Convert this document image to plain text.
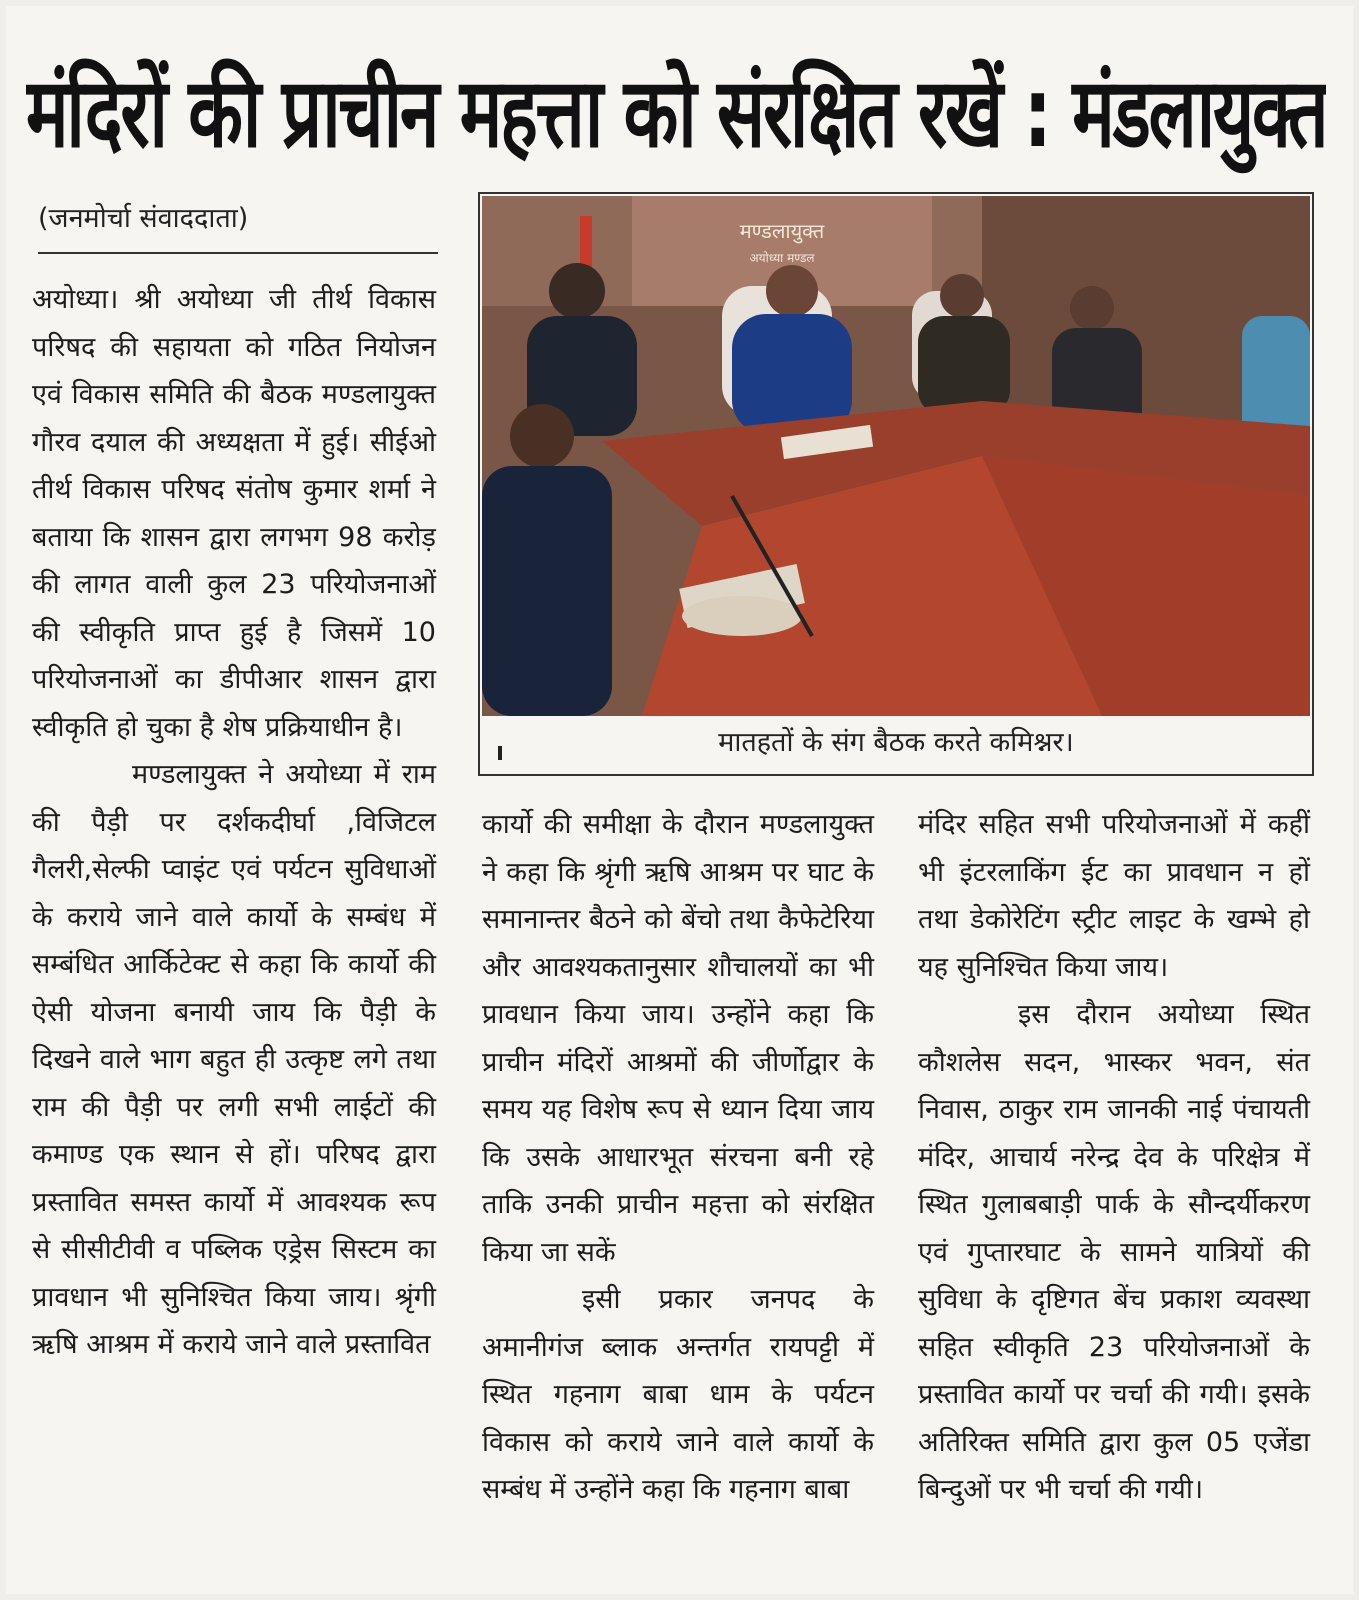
मंदिरों की प्राचीन महत्ता को संरक्षित रखें : मंडलायुक्त
(जनमोर्चा संवाददाता)

अयोध्या। श्री अयोध्या जी तीर्थ विकास परिषद की सहायता को गठित नियोजन एवं विकास समिति की बैठक मण्डलायुक्त गौरव दयाल की अध्यक्षता में हुई। सीईओ तीर्थ विकास परिषद संतोष कुमार शर्मा ने बताया कि शासन द्वारा लगभग 98 करोड़ की लागत वाली कुल 23 परियोजनाओं की स्वीकृति प्राप्त हुई है जिसमें 10 परियोजनाओं का डीपीआर शासन द्वारा स्वीकृति हो चुका है शेष प्रक्रियाधीन है।

मण्डलायुक्त ने अयोध्या में राम की पैड़ी पर दर्शकदीर्घा ,विजिटल गैलरी,सेल्फी प्वाइंट एवं पर्यटन सुविधाओं के कराये जाने वाले कार्यो के सम्बंध में सम्बंधित आर्किटेक्ट से कहा कि कार्यो की ऐसी योजना बनायी जाय कि पैड़ी के दिखने वाले भाग बहुत ही उत्कृष्ट लगे तथा राम की पैड़ी पर लगी सभी लाईटों की कमाण्ड एक स्थान से हों। परिषद द्वारा प्रस्तावित समस्त कार्यो में आवश्यक रूप से सीसीटीवी व पब्लिक एड्रेस सिस्टम का प्रावधान भी सुनिश्चित किया जाय। श्रृंगी ऋषि आश्रम में कराये जाने वाले प्रस्तावित

मण्डलायुक्त
अयोध्या मण्डल
मातहतों के संग बैठक करते कमिश्नर।

कार्यो की समीक्षा के दौरान मण्डलायुक्त ने कहा कि श्रृंगी ऋषि आश्रम पर घाट के समानान्तर बैठने को बेंचो तथा कैफेटेरिया और आवश्यकतानुसार शौचालयों का भी प्रावधान किया जाय। उन्होंने कहा कि प्राचीन मंदिरों आश्रमों की जीर्णोद्वार के समय यह विशेष रूप से ध्यान दिया जाय कि उसके आधारभूत संरचना बनी रहे ताकि उनकी प्राचीन महत्ता को संरक्षित किया जा सकें

इसी प्रकार जनपद के अमानीगंज ब्लाक अन्तर्गत रायपट्टी में स्थित गहनाग बाबा धाम के पर्यटन विकास को कराये जाने वाले कार्यो के सम्बंध में उन्होंने कहा कि गहनाग बाबा

मंदिर सहित सभी परियोजनाओं में कहीं भी इंटरलाकिंग ईट का प्रावधान न हों तथा डेकोरेटिंग स्ट्रीट लाइट के खम्भे हो यह सुनिश्चित किया जाय।

इस दौरान अयोध्या स्थित कौशलेस सदन, भास्कर भवन, संत निवास, ठाकुर राम जानकी नाई पंचायती मंदिर, आचार्य नरेन्द्र देव के परिक्षेत्र में स्थित गुलाबबाड़ी पार्क के सौन्दर्यीकरण एवं गुप्तारघाट के सामने यात्रियों की सुविधा के दृष्टिगत बेंच प्रकाश व्यवस्था सहित स्वीकृति 23 परियोजनाओं के प्रस्तावित कार्यो पर चर्चा की गयी। इसके अतिरिक्त समिति द्वारा कुल 05 एजेंडा बिन्दुओं पर भी चर्चा की गयी।
